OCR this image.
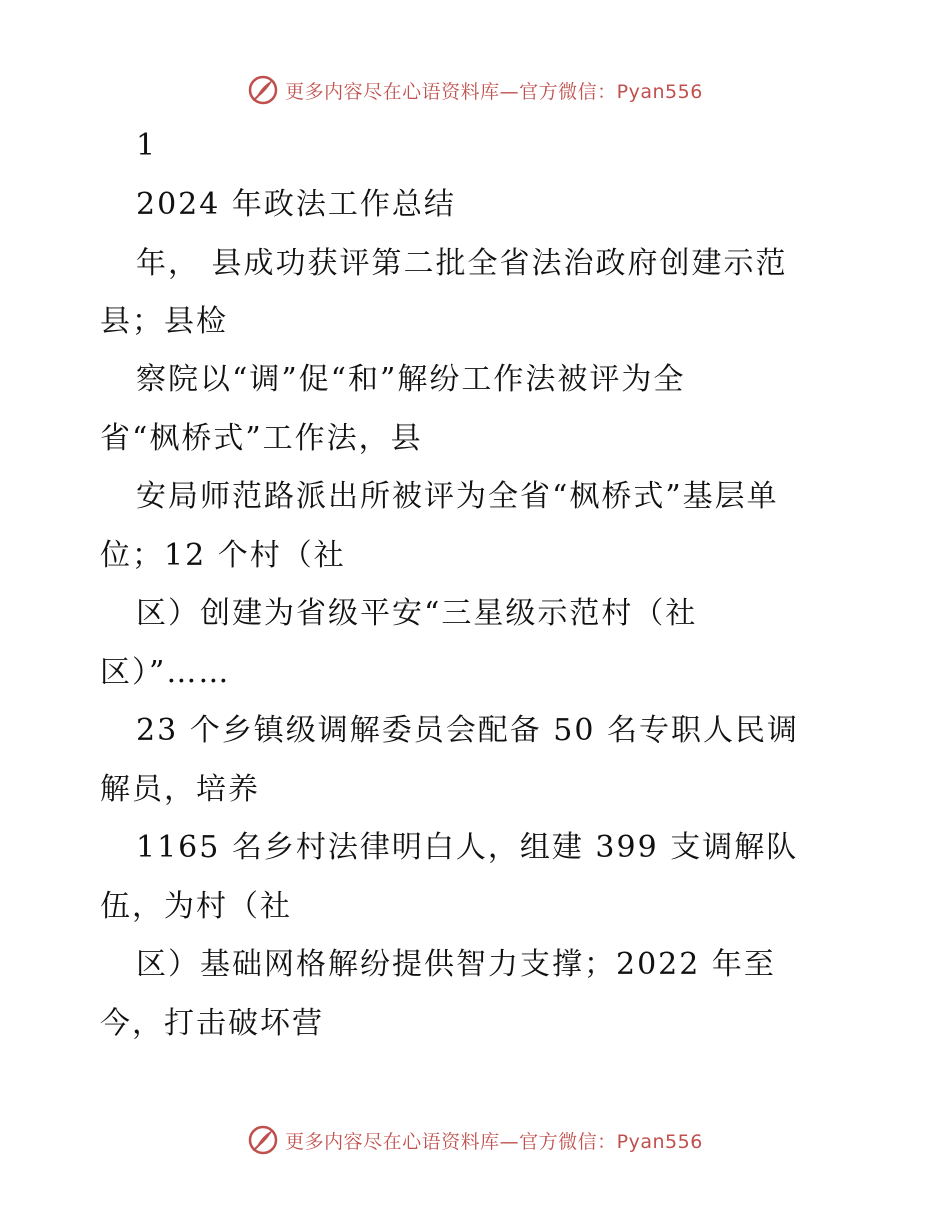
更多内容尽在心语资料库—官方微信：Pyan556
1
2024 年政法工作总结
年， 县成功获评第二批全省法治政府创建示范
县；县检
察院以“调”促“和”解纷工作法被评为全
省“枫桥式”工作法，县
安局师范路派出所被评为全省“枫桥式”基层单
位；12 个村（社
区）创建为省级平安“三星级示范村（社
区）”……
23 个乡镇级调解委员会配备 50 名专职人民调
解员，培养
1165 名乡村法律明白人，组建 399 支调解队
伍，为村（社
区）基础网格解纷提供智力支撑；2022 年至
今，打击破坏营
更多内容尽在心语资料库—官方微信：Pyan556
